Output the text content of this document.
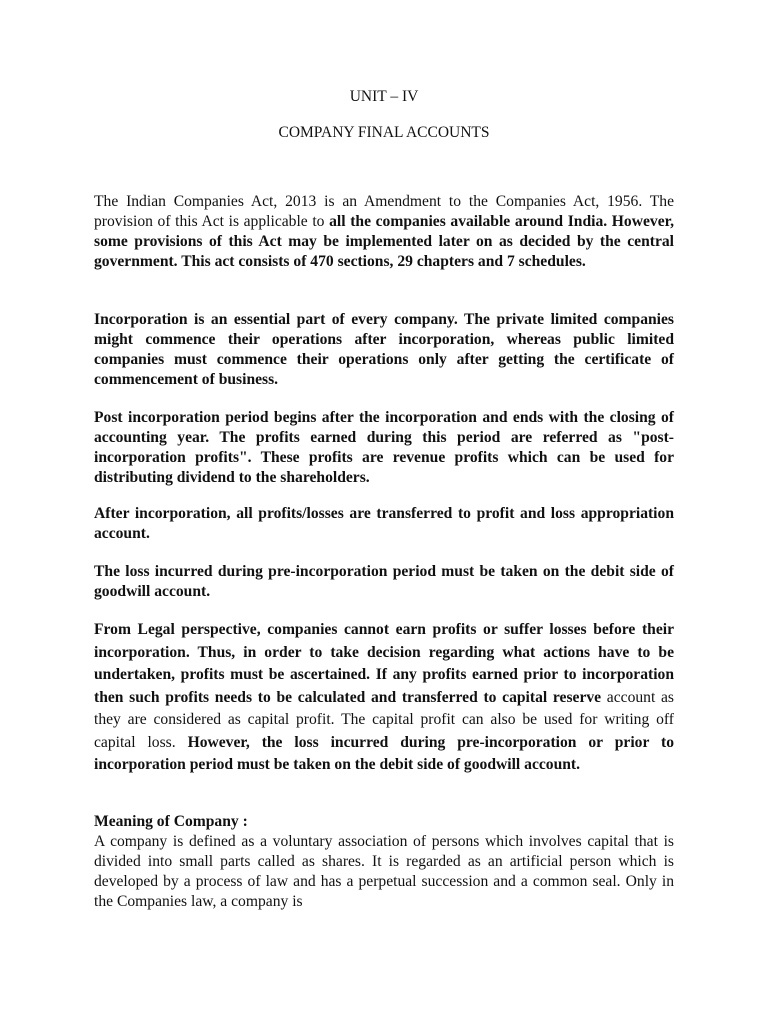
UNIT – IV

COMPANY FINAL ACCOUNTS

The Indian Companies Act, 2013 is an Amendment to the Companies Act, 1956. The provision of this Act is applicable to all the companies available around India. However, some provisions of this Act may be implemented later on as decided by the central government. This act consists of 470 sections, 29 chapters and 7 schedules.

Incorporation is an essential part of every company. The private limited companies might commence their operations after incorporation, whereas public limited companies must commence their operations only after getting the certificate of commencement of business.

Post incorporation period begins after the incorporation and ends with the closing of accounting year. The profits earned during this period are referred as "post-incorporation profits". These profits are revenue profits which can be used for distributing dividend to the shareholders.

After incorporation, all profits/losses are transferred to profit and loss appropriation account.

The loss incurred during pre-incorporation period must be taken on the debit side of goodwill account.

From Legal perspective, companies cannot earn profits or suffer losses before their incorporation. Thus, in order to take decision regarding what actions have to be undertaken, profits must be ascertained. If any profits earned prior to incorporation then such profits needs to be calculated and transferred to capital reserve account as they are considered as capital profit. The capital profit can also be used for writing off capital loss. However, the loss incurred during pre-incorporation or prior to incorporation period must be taken on the debit side of goodwill account.

Meaning of Company :

A company is defined as a voluntary association of persons which involves capital that is divided into small parts called as shares. It is regarded as an artificial person which is developed by a process of law and has a perpetual succession and a common seal. Only in the Companies law, a company is
